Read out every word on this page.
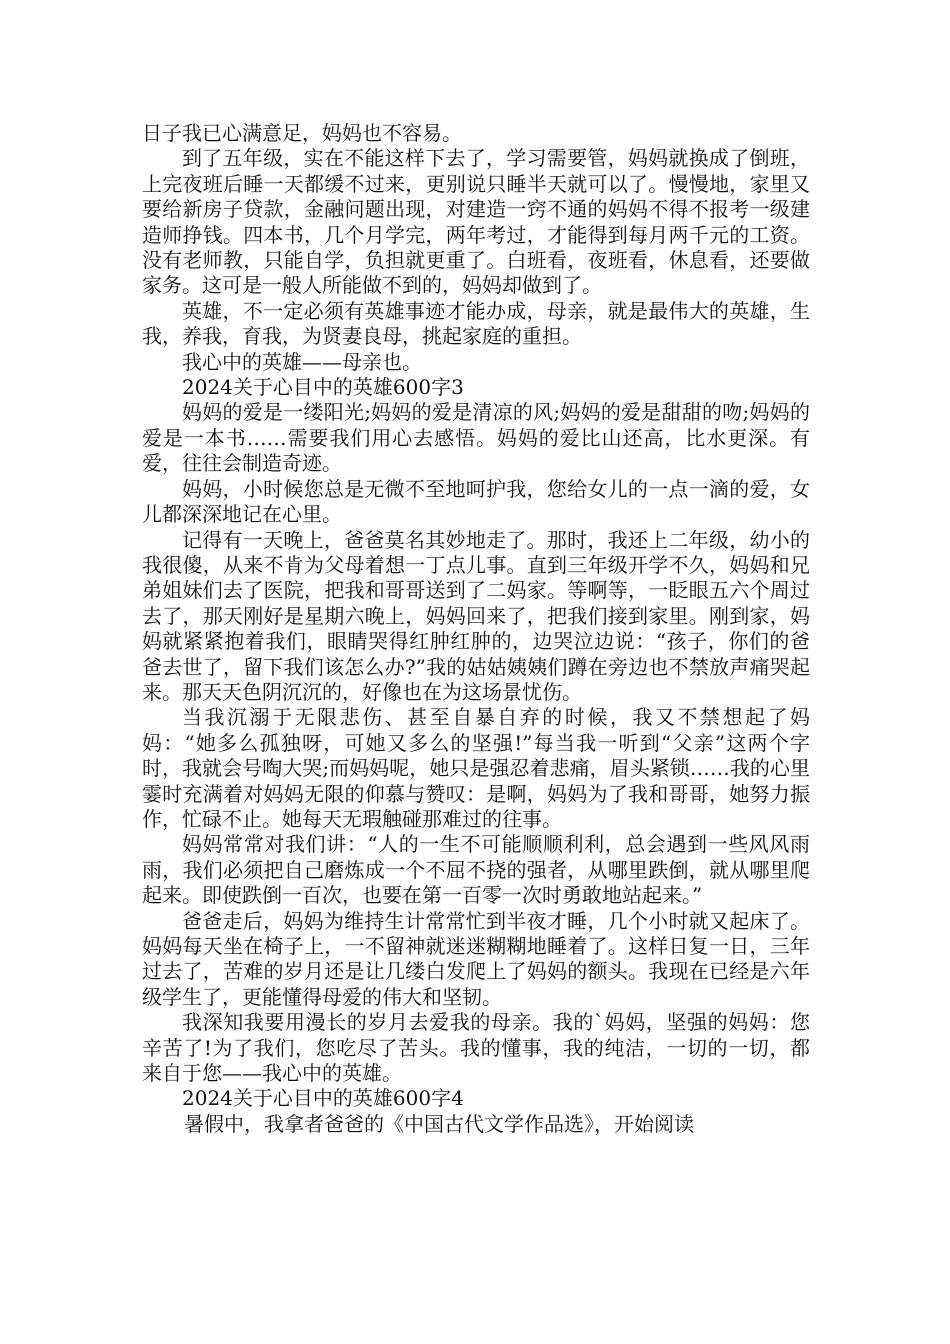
日子我已心满意足，妈妈也不容易。

到了五年级，实在不能这样下去了，学习需要管，妈妈就换成了倒班，上完夜班后睡一天都缓不过来，更别说只睡半天就可以了。慢慢地，家里又要给新房子贷款，金融问题出现，对建造一窍不通的妈妈不得不报考一级建造师挣钱。四本书，几个月学完，两年考过，才能得到每月两千元的工资。没有老师教，只能自学，负担就更重了。白班看，夜班看，休息看，还要做家务。这可是一般人所能做不到的，妈妈却做到了。

英雄，不一定必须有英雄事迹才能办成，母亲，就是最伟大的英雄，生我，养我，育我，为贤妻良母，挑起家庭的重担。

我心中的英雄——母亲也。

2024关于心目中的英雄600字3

妈妈的爱是一缕阳光;妈妈的爱是清凉的风;妈妈的爱是甜甜的吻;妈妈的爱是一本书……需要我们用心去感悟。妈妈的爱比山还高，比水更深。有爱，往往会制造奇迹。

妈妈，小时候您总是无微不至地呵护我，您给女儿的一点一滴的爱，女儿都深深地记在心里。

记得有一天晚上，爸爸莫名其妙地走了。那时，我还上二年级，幼小的我很傻，从来不肯为父母着想一丁点儿事。直到三年级开学不久，妈妈和兄弟姐妹们去了医院，把我和哥哥送到了二妈家。等啊等，一眨眼五六个周过去了，那天刚好是星期六晚上，妈妈回来了，把我们接到家里。刚到家，妈妈就紧紧抱着我们，眼睛哭得红肿红肿的，边哭泣边说：“孩子，你们的爸爸去世了，留下我们该怎么办?”我的姑姑姨姨们蹲在旁边也不禁放声痛哭起来。那天天色阴沉沉的，好像也在为这场景忧伤。

当我沉溺于无限悲伤、甚至自暴自弃的时候，我又不禁想起了妈妈：“她多么孤独呀，可她又多么的坚强!”每当我一听到“父亲”这两个字时，我就会号啕大哭;而妈妈呢，她只是强忍着悲痛，眉头紧锁……我的心里霎时充满着对妈妈无限的仰慕与赞叹：是啊，妈妈为了我和哥哥，她努力振作，忙碌不止。她每天无瑕触碰那难过的往事。

妈妈常常对我们讲：“人的一生不可能顺顺利利，总会遇到一些风风雨雨，我们必须把自己磨炼成一个不屈不挠的强者，从哪里跌倒，就从哪里爬起来。即使跌倒一百次，也要在第一百零一次时勇敢地站起来。”

爸爸走后，妈妈为维持生计常常忙到半夜才睡，几个小时就又起床了。妈妈每天坐在椅子上，一不留神就迷迷糊糊地睡着了。这样日复一日，三年过去了，苦难的岁月还是让几缕白发爬上了妈妈的额头。我现在已经是六年级学生了，更能懂得母爱的伟大和坚韧。

我深知我要用漫长的岁月去爱我的母亲。我的`妈妈，坚强的妈妈：您辛苦了!为了我们，您吃尽了苦头。我的懂事，我的纯洁，一切的一切，都来自于您——我心中的英雄。

2024关于心目中的英雄600字4

暑假中，我拿者爸爸的《中国古代文学作品选》，开始阅读
